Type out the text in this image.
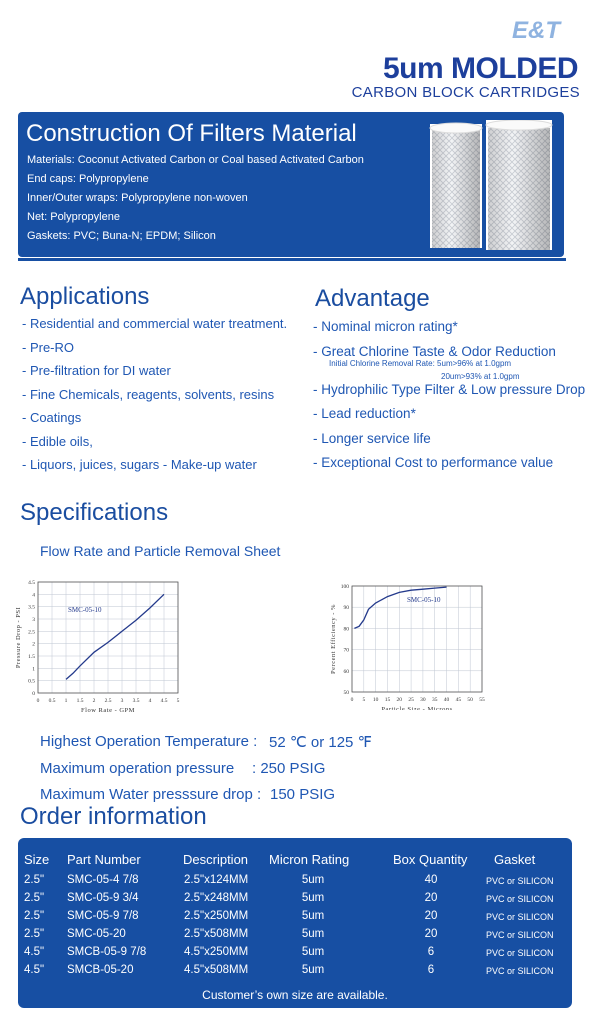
E&T
5um MOLDED
CARBON BLOCK CARTRIDGES
Construction Of Filters Material
Materials: Coconut Activated Carbon or Coal based Activated Carbon
End caps: Polypropylene
Inner/Outer wraps: Polypropylene non-woven
Net: Polypropylene
Gaskets: PVC; Buna-N; EPDM; Silicon
Applications
- Residential and commercial water treatment.
- Pre-RO
- Pre-filtration for DI water
- Fine Chemicals, reagents, solvents, resins
- Coatings
- Edible oils,
- Liquors, juices, sugars - Make-up water
Advantage
- Nominal micron rating*
- Great Chlorine Taste & Odor Reduction
Initial Chlorine Removal Rate: 5um>96% at 1.0gpm
20um>93% at 1.0gpm
- Hydrophilic Type Filter & Low pressure Drop
- Lead reduction*
- Longer service life
- Exceptional Cost to performance value
Specifications
Flow Rate and Particle Removal Sheet
0 0.5 1 1.5 2 2.5 3 3.5 4 4.5 5
0
0.5
1
1.5
2
2.5
3
3.5
4
4.5
SMC-05-10
Flow Rate - GPM
Pressure Drop - PSI
0 5 10 15 20 25 30 35 40 45 50 55
50
60
70
80
90
100
SMC-05-10
Particle Size - Microns
Percent Efficiency - %
Highest Operation Temperature : 52 ℃ or 125 ℉
Maximum operation pressure : 250 PSIG
Maximum Water presssure drop : 150 PSIG
Order information
Size Part Number	Description Micron Rating	Box Quantity Gasket
2.5" SMC-05-4 7/8	2.5"x124MM	5um	40	PVC or SILICON
2.5" SMC-05-9 3/4	2.5"x248MM	5um	20	PVC or SILICON
2.5" SMC-05-9 7/8	2.5"x250MM	5um	20	PVC or SILICON
2.5" SMC-05-20	2.5"x508MM	5um	20	PVC or SILICON
4.5" SMCB-05-9 7/8	4.5"x250MM	5um	6	PVC or SILICON
4.5" SMCB-05-20	4.5"x508MM	5um	6	PVC or SILICON
Customer’s own size are available.
